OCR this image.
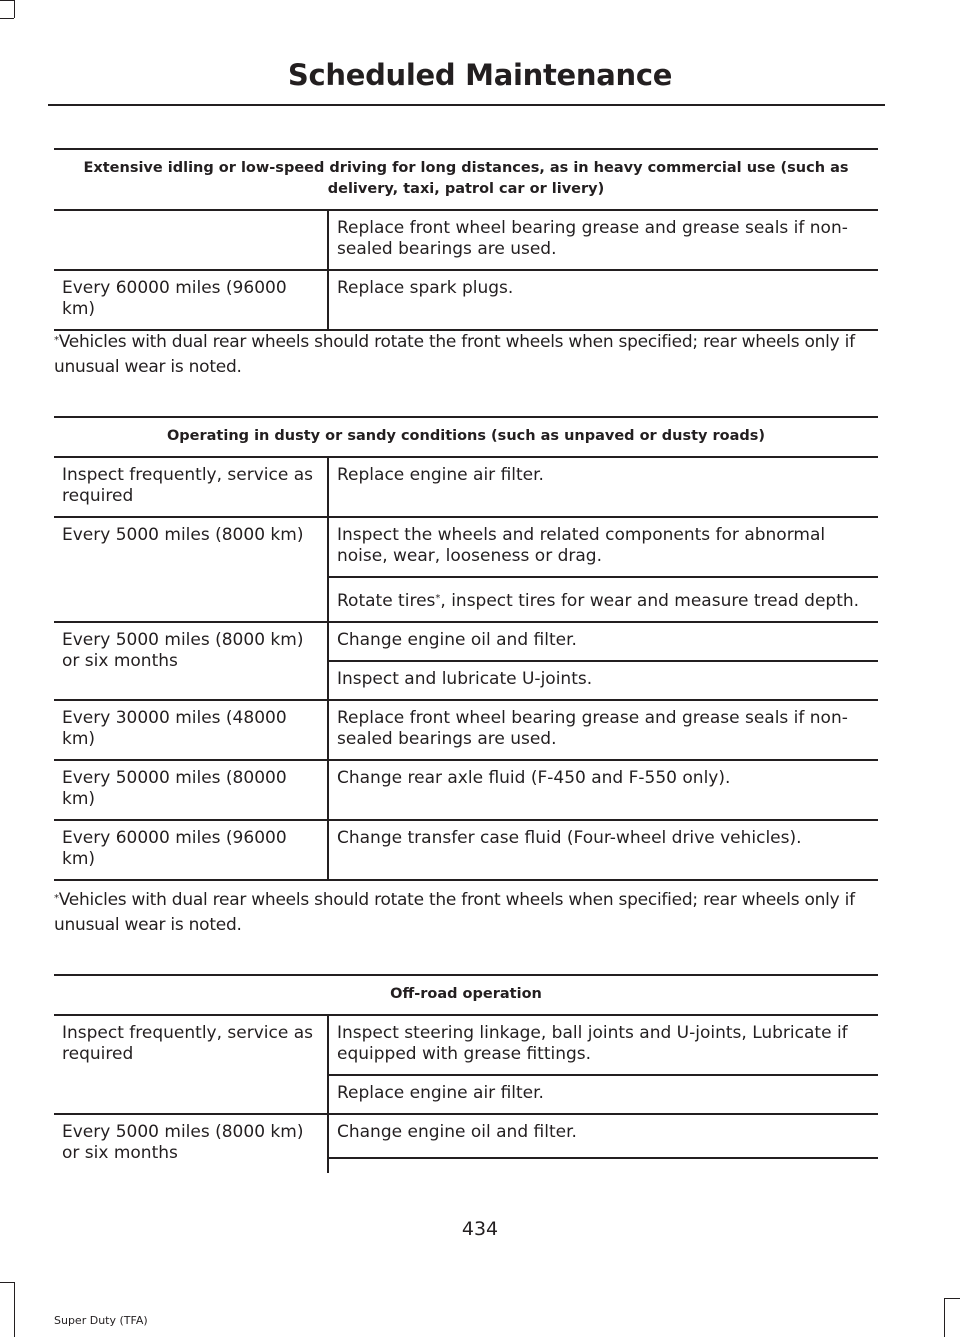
Scheduled Maintenance
Extensive idling or low-speed driving for long distances, as in heavy commercial use (such as delivery, taxi, patrol car or livery)	
	Replace front wheel bearing grease and grease seals if non-sealed bearings are used.
Every 60000 miles (96000 km)	Replace spark plugs.
*Vehicles with dual rear wheels should rotate the front wheels when specified; rear wheels only if unusual wear is noted.
Operating in dusty or sandy conditions (such as unpaved or dusty roads)	
Inspect frequently, service as required	Replace engine air filter.
Every 5000 miles (8000 km)	Inspect the wheels and related components for abnormal noise, wear, looseness or drag.
	Rotate tires*, inspect tires for wear and measure tread depth.
Every 5000 miles (8000 km) or six months	Change engine oil and filter.
	Inspect and lubricate U-joints.
Every 30000 miles (48000 km)	Replace front wheel bearing grease and grease seals if non-sealed bearings are used.
Every 50000 miles (80000 km)	Change rear axle fluid (F-450 and F-550 only).
Every 60000 miles (96000 km)	Change transfer case fluid (Four-wheel drive vehicles).
*Vehicles with dual rear wheels should rotate the front wheels when specified; rear wheels only if unusual wear is noted.
Off-road operation	
Inspect frequently, service as required	Inspect steering linkage, ball joints and U-joints, Lubricate if equipped with grease fittings.
	Replace engine air filter.
Every 5000 miles (8000 km) or six months	Change engine oil and filter.

434
Super Duty (TFA)
